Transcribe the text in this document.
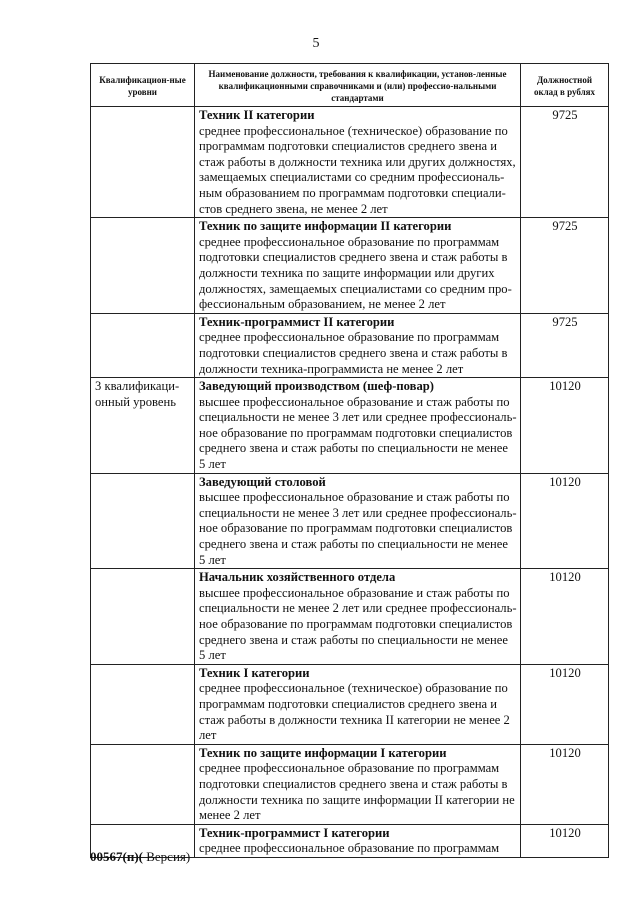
5
Квалификацион-ные уровни	Наименование должности, требования к квалификации, установ-ленные квалификационными справочниками и (или) профессио-нальными стандартами	Должностной оклад в рублях

	Техник II категории
среднее профессиональное (техническое) образование по программам подготовки специалистов среднего звена и стаж работы в должности техника или других должностях, замещаемых специалистами со средним профессиональ-ным образованием по программам подготовки специали-стов среднего звена, не менее 2 лет	9725

	Техник по защите информации II категории
среднее профессиональное образование по программам подготовки специалистов среднего звена и стаж работы в должности техника по защите информации или других должностях, замещаемых специалистами со средним про-фессиональным образованием, не менее 2 лет	9725

	Техник-программист II категории
среднее профессиональное образование по программам подготовки специалистов среднего звена и стаж работы в должности техника-программиста не менее 2 лет	9725
3 квалификаци-онный уровень	Заведующий производством (шеф-повар)
высшее профессиональное образование и стаж работы по специальности не менее 3 лет или среднее профессиональ-ное образование по программам подготовки специалистов среднего звена и стаж работы по специальности не менее 5 лет	10120

	Заведующий столовой
высшее профессиональное образование и стаж работы по специальности не менее 3 лет или среднее профессиональ-ное образование по программам подготовки специалистов среднего звена и стаж работы по специальности не менее 5 лет	10120

	Начальник хозяйственного отдела
высшее профессиональное образование и стаж работы по специальности не менее 2 лет или среднее профессиональ-ное образование по программам подготовки специалистов среднего звена и стаж работы по специальности не менее 5 лет	10120

	Техник I категории
среднее профессиональное (техническое) образование по программам подготовки специалистов среднего звена и стаж работы в должности техника II категории не менее 2 лет	10120

	Техник по защите информации I категории
среднее профессиональное образование по программам подготовки специалистов среднего звена и стаж работы в должности техника по защите информации II категории не менее 2 лет	10120

	Техник-программист I категории
среднее профессиональное образование по программам	10120
00567(п)( Версия)
